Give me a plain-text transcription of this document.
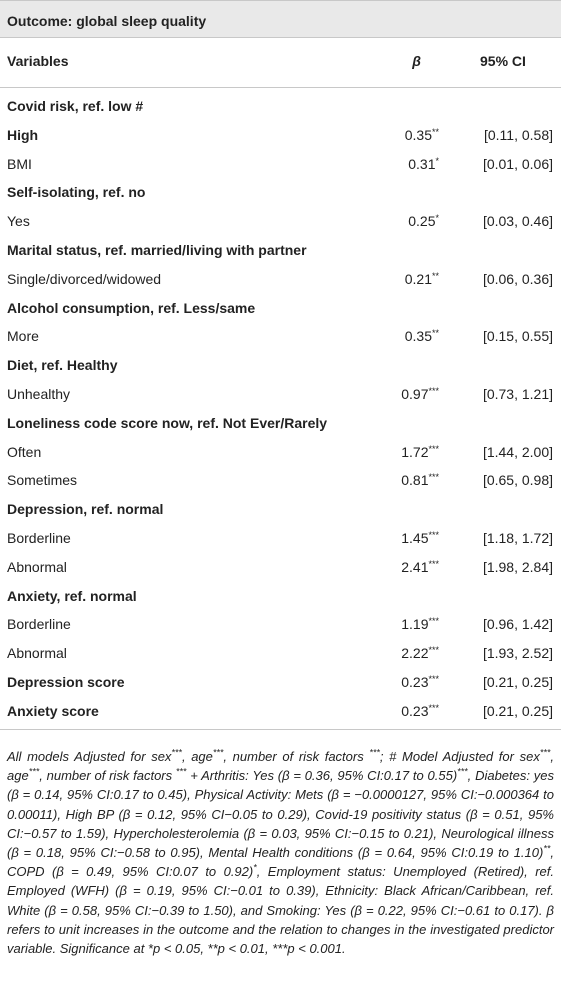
Outcome: global sleep quality
Variables	β	95% CI
Covid risk, ref. low #
High	0.35**	[0.11, 0.58]
BMI	0.31*	[0.01, 0.06]
Self-isolating, ref. no
Yes	0.25*	[0.03, 0.46]
Marital status, ref. married/living with partner
Single/divorced/widowed	0.21**	[0.06, 0.36]
Alcohol consumption, ref. Less/same
More	0.35**	[0.15, 0.55]
Diet, ref. Healthy
Unhealthy	0.97***	[0.73, 1.21]
Loneliness code score now, ref. Not Ever/Rarely
Often	1.72***	[1.44, 2.00]
Sometimes	0.81***	[0.65, 0.98]
Depression, ref. normal
Borderline	1.45***	[1.18, 1.72]
Abnormal	2.41***	[1.98, 2.84]
Anxiety, ref. normal
Borderline	1.19***	[0.96, 1.42]
Abnormal	2.22***	[1.93, 2.52]
Depression score	0.23***	[0.21, 0.25]
Anxiety score	0.23***	[0.21, 0.25]
All models Adjusted for sex***, age***, number of risk factors ***; # Model Adjusted for sex***, age***, number of risk factors *** + Arthritis: Yes (β = 0.36, 95% CI:0.17 to 0.55)***, Diabetes: yes (β = 0.14, 95% CI:0.17 to 0.45), Physical Activity: Mets (β = −0.0000127, 95% CI:−0.000364 to 0.00011), High BP (β = 0.12, 95% CI−0.05 to 0.29), Covid-19 positivity status (β = 0.51, 95% CI:−0.57 to 1.59), Hypercholesterolemia (β = 0.03, 95% CI:−0.15 to 0.21), Neurological illness (β = 0.18, 95% CI:−0.58 to 0.95), Mental Health conditions (β = 0.64, 95% CI:0.19 to 1.10)**, COPD (β = 0.49, 95% CI:0.07 to 0.92)*, Employment status: Unemployed (Retired), ref. Employed (WFH) (β = 0.19, 95% CI:−0.01 to 0.39), Ethnicity: Black African/Caribbean, ref. White (β = 0.58, 95% CI:−0.39 to 1.50), and Smoking: Yes (β = 0.22, 95% CI:−0.61 to 0.17). β refers to unit increases in the outcome and the relation to changes in the investigated predictor variable. Significance at *p < 0.05, **p < 0.01, ***p < 0.001.
